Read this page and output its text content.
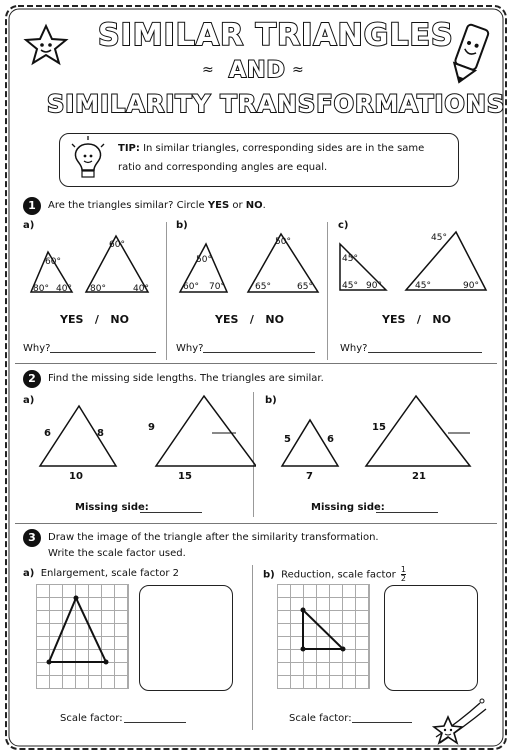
SIMILAR TRIANGLES
AND
≈	≈
SIMILARITY TRANSFORMATIONS
TIP: In similar triangles, corresponding sides are in the same
ratio and corresponding angles are equal.
1	Are the triangles similar? Circle YES or NO.
a)
60°
80° 40°
60°
80°	40°
YES   /   NO
Why?
b)
50°
60° 70°
50°
65°	65°
YES   /   NO
Why?
c)
45°
45° 90°
45°
45°	90°
YES   /   NO
Why?
2	Find the missing side lengths. The triangles are similar.
a)
6	8
10
9
15
Missing side:
b)
5	6
7
15
21
Missing side:
3	Draw the image of the triangle after the similarity transformation.
Write the scale factor used.
a) Enlargement, scale factor 2
Scale factor:
b) Reduction, scale factor $\frac{1}{2}$
Scale factor:
